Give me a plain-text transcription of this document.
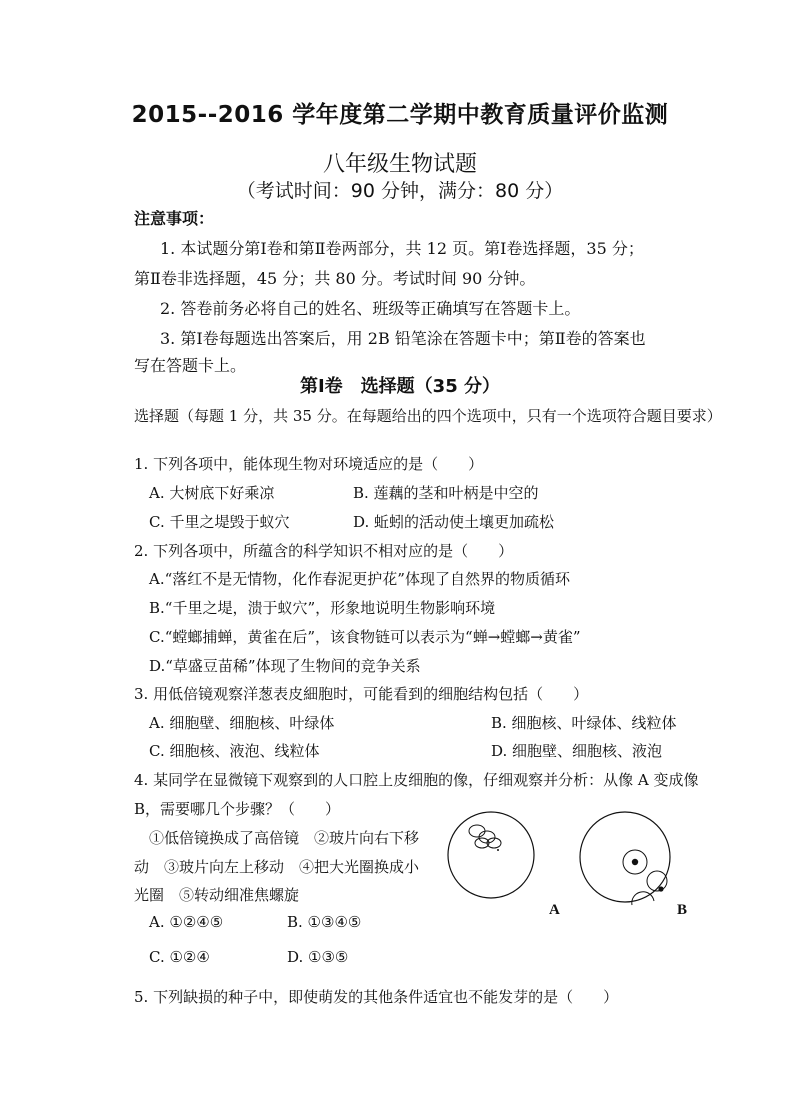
2015--2016 学年度第二学期中教育质量评价监测
八年级生物试题
（考试时间：90 分钟，满分：80 分）
注意事项：
1. 本试题分第Ⅰ卷和第Ⅱ卷两部分，共 12 页。第Ⅰ卷选择题，35 分；
第Ⅱ卷非选择题，45 分；共 80 分。考试时间 90 分钟。
2. 答卷前务必将自己的姓名、班级等正确填写在答题卡上。
3. 第Ⅰ卷每题选出答案后，用 2B 铅笔涂在答题卡中；第Ⅱ卷的答案也
写在答题卡上。
第Ⅰ卷　选择题（35 分）
选择题（每题 1 分，共 35 分。在每题给出的四个选项中，只有一个选项符合题目要求）
1. 下列各项中，能体现生物对环境适应的是（　　）
A. 大树底下好乘凉	B. 莲藕的茎和叶柄是中空的
C. 千里之堤毁于蚁穴	D. 蚯蚓的活动使土壤更加疏松
2. 下列各项中，所蕴含的科学知识不相对应的是（　　）
A.“落红不是无情物，化作春泥更护花”体现了自然界的物质循环
B.“千里之堤，溃于蚁穴”，形象地说明生物影响环境
C.“螳螂捕蝉，黄雀在后”，该食物链可以表示为“蝉→螳螂→黄雀”
D.“草盛豆苗稀”体现了生物间的竞争关系
3. 用低倍镜观察洋葱表皮細胞时，可能看到的细胞结构包括（　　）
A. 细胞壁、细胞核、叶绿体	B. 细胞核、叶绿体、线粒体
C. 细胞核、液泡、线粒体	D. 细胞壁、细胞核、液泡
4. 某同学在显微镜下观察到的人口腔上皮细胞的像，仔细观察并分析：从像 A 变成像
B，需要哪几个步骤？（　　）
①低倍镜换成了高倍镜　②玻片向右下移
动　③玻片向左上移动　④把大光圈换成小
光圈　⑤转动细准焦螺旋
A. ①②④⑤	B. ①③④⑤
C. ①②④	D. ①③⑤
A	B
5. 下列缺损的种子中，即使萌发的其他条件适宜也不能发芽的是（　　）
